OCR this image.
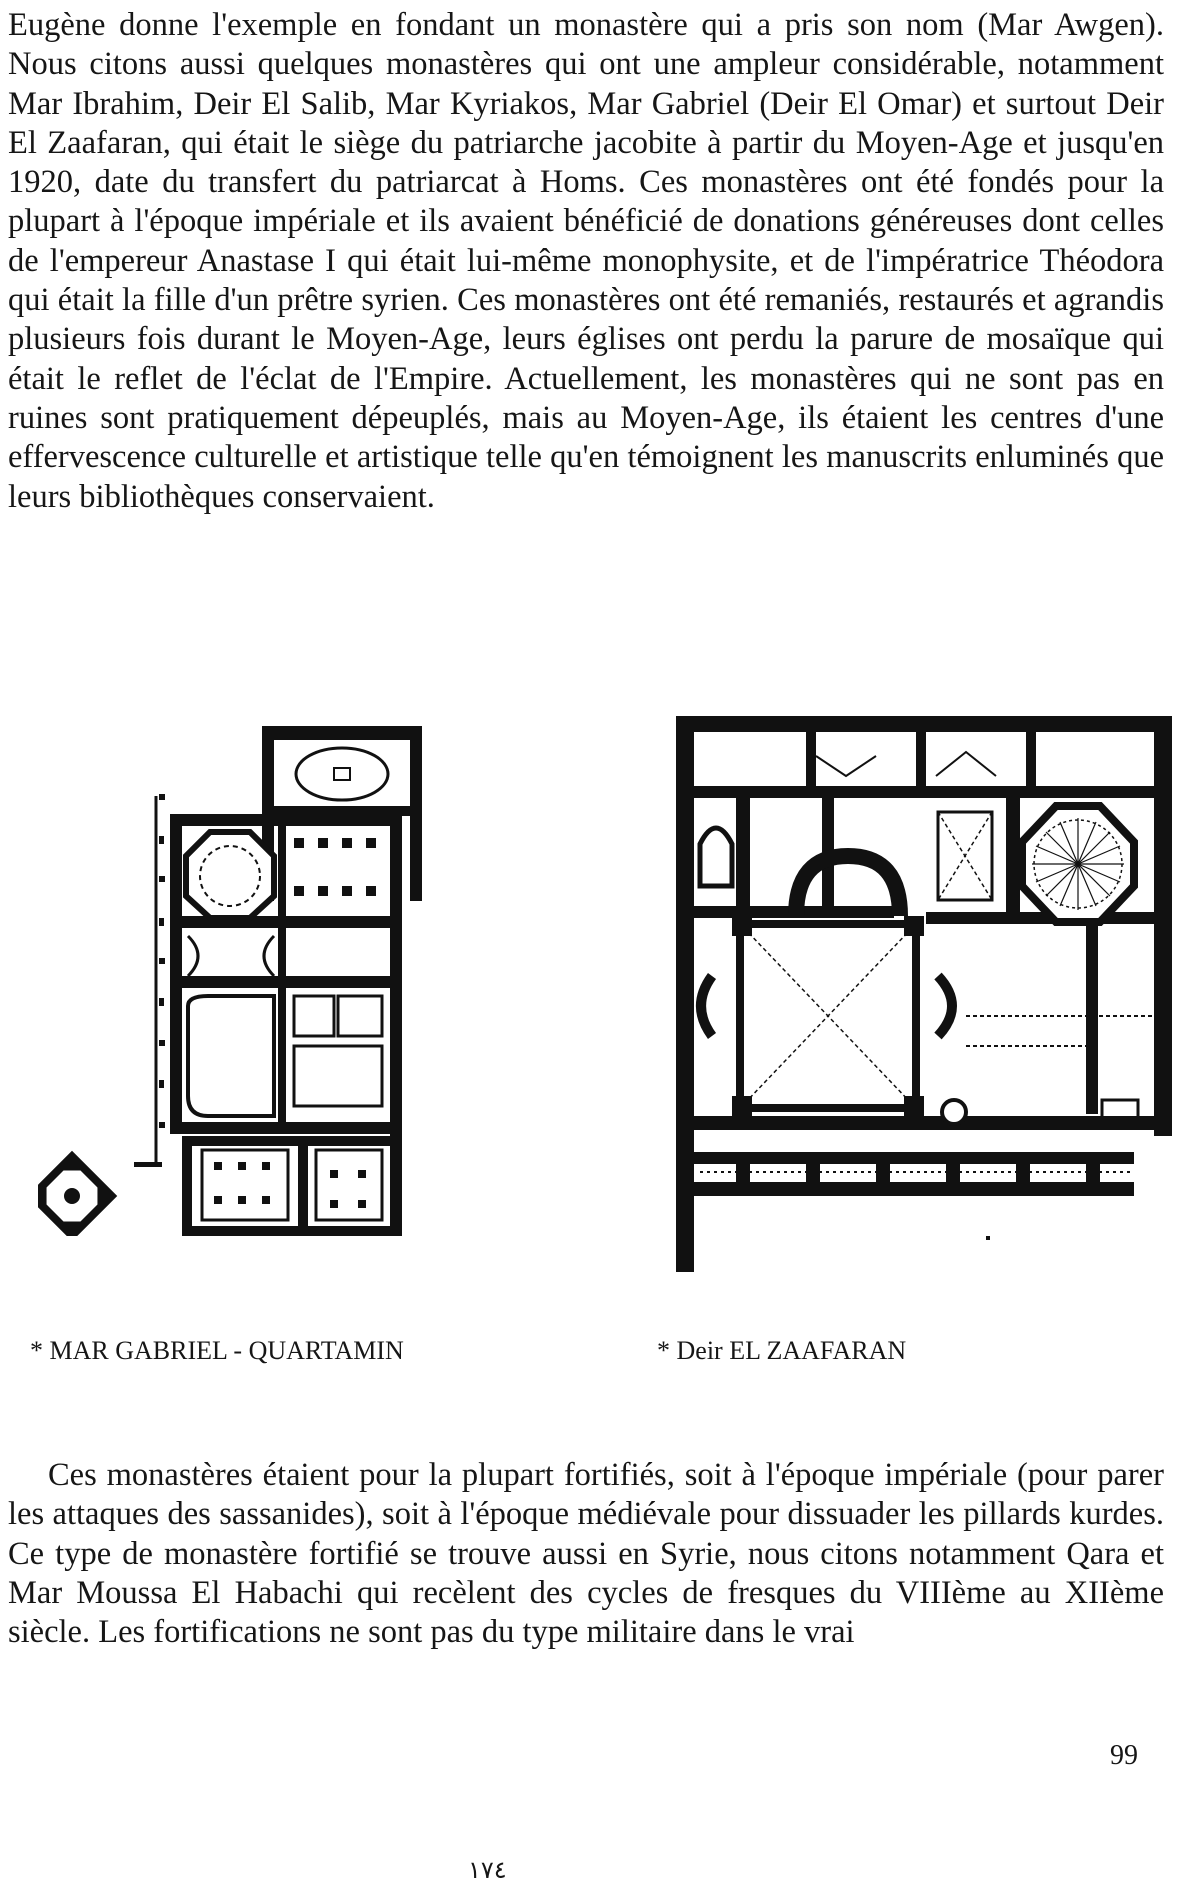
Eugène donne l'exemple en fondant un monastère qui a pris son nom (Mar Awgen). Nous citons aussi quelques monastères qui ont une ampleur considérable, notamment Mar Ibrahim, Deir El Salib, Mar Kyriakos, Mar Gabriel (Deir El Omar) et surtout Deir El Zaafaran, qui était le siège du patriarche jacobite à partir du Moyen-Age et jusqu'en 1920, date du transfert du patriarcat à Homs. Ces monastères ont été fondés pour la plupart à l'époque impériale et ils avaient bénéficié de donations généreuses dont celles de l'empereur Anastase I qui était lui-même monophysite, et de l'impératrice Théodora qui était la fille d'un prêtre syrien. Ces monastères ont été remaniés, restaurés et agrandis plusieurs fois durant le Moyen-Age, leurs églises ont perdu la parure de mosaïque qui était le reflet de l'éclat de l'Empire. Actuellement, les monastères qui ne sont pas en ruines sont pratiquement dépeuplés, mais au Moyen-Age, ils étaient les centres d'une effervescence culturelle et artistique telle qu'en témoignent les manuscrits enluminés que leurs bibliothèques conservaient.

* MAR GABRIEL - QUARTAMIN	* Deir EL ZAAFARAN

Ces monastères étaient pour la plupart fortifiés, soit à l'époque impériale (pour parer les attaques des sassanides), soit à l'époque médiévale pour dissuader les pillards kurdes. Ce type de monastère fortifié se trouve aussi en Syrie, nous citons notamment Qara et Mar Moussa El Habachi qui recèlent des cycles de fresques du VIIIème au XIIème siècle. Les fortifications ne sont pas du type militaire dans le vrai

99
١٧٤
